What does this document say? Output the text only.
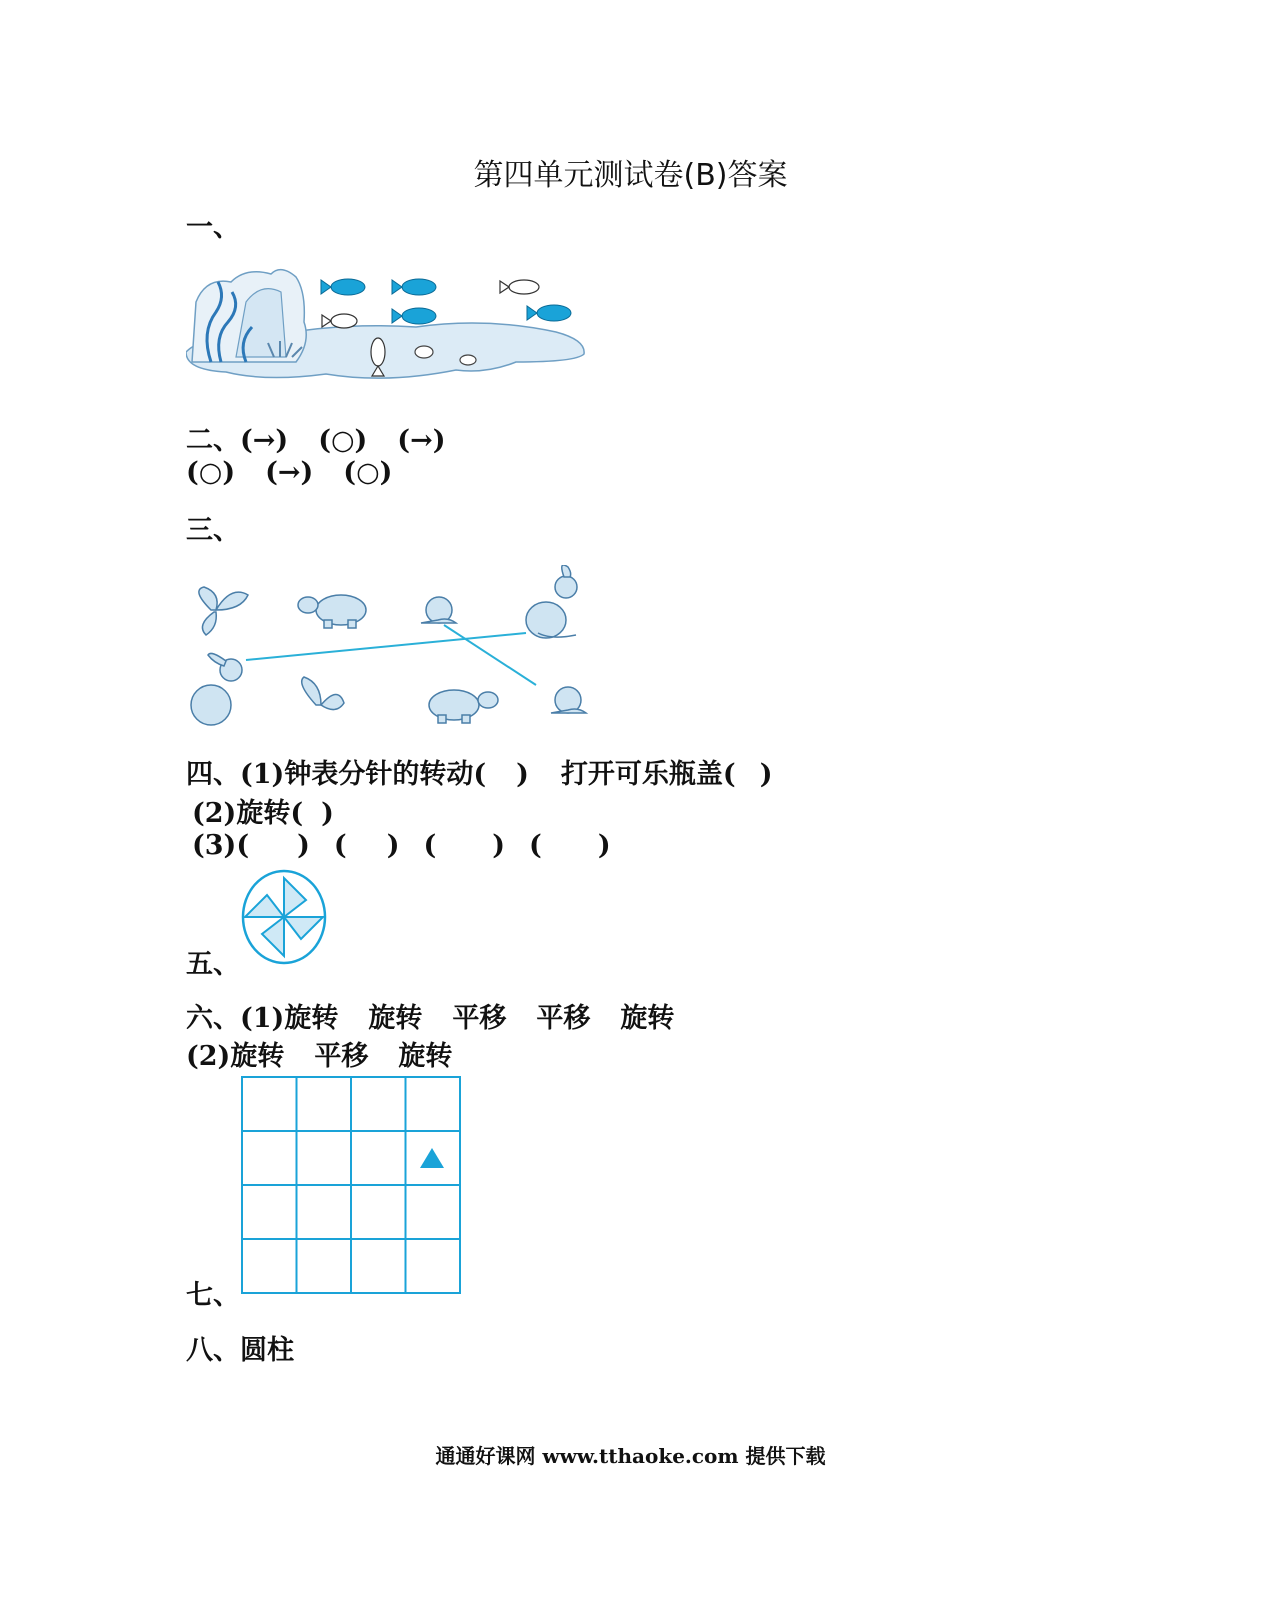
第四单元测试卷(B)答案
一、
二、(→) (○) (→)
(○) (→) (○)
三、
四、(1)钟表分针的转动( ) 打开可乐瓶盖( )
(2)旋转( )
(3)( ) ( ) ( ) ( )
五、
六、(1)旋转 旋转 平移 平移 旋转
(2)旋转 平移 旋转
七、
八、圆柱
通通好课网 www.tthaoke.com 提供下载
